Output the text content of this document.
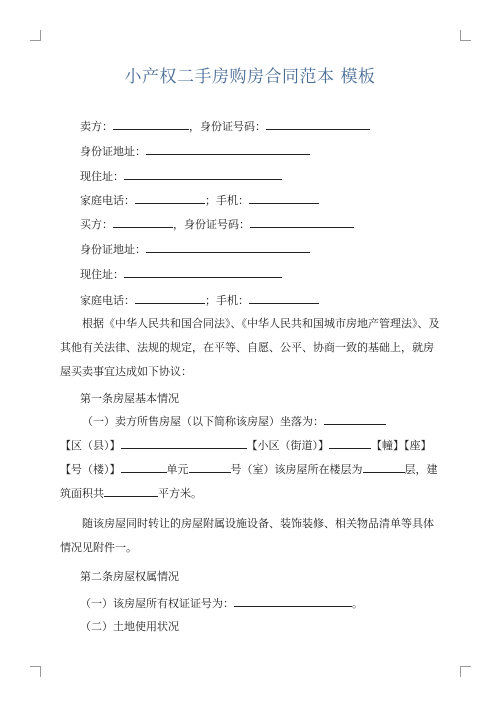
小产权二手房购房合同范本 模板
卖方：	，身份证号码：
身份证地址：
现住址：
家庭电话：	；手机：
买方：	，身份证号码：
身份证地址：
现住址：
家庭电话：	；手机：
根据《中华人民共和国合同法》、《中华人民共和国城市房地产管理法》、及其他有关法律、法规的规定，在平等、自愿、公平、协商一致的基础上，就房屋买卖事宜达成如下协议：
第一条房屋基本情况
（一）卖方所售房屋（以下简称该房屋）坐落为：【区（县）】	【小区（街道）】	【幢】【座】【号（楼）】	单元	号（室）该房屋所在楼层为	层，建筑面积共	平方米。
随该房屋同时转让的房屋附属设施设备、装饰装修、相关物品清单等具体情况见附件一。
第二条房屋权属情况
（一）该房屋所有权证证号为：	。
（二）土地使用状况
